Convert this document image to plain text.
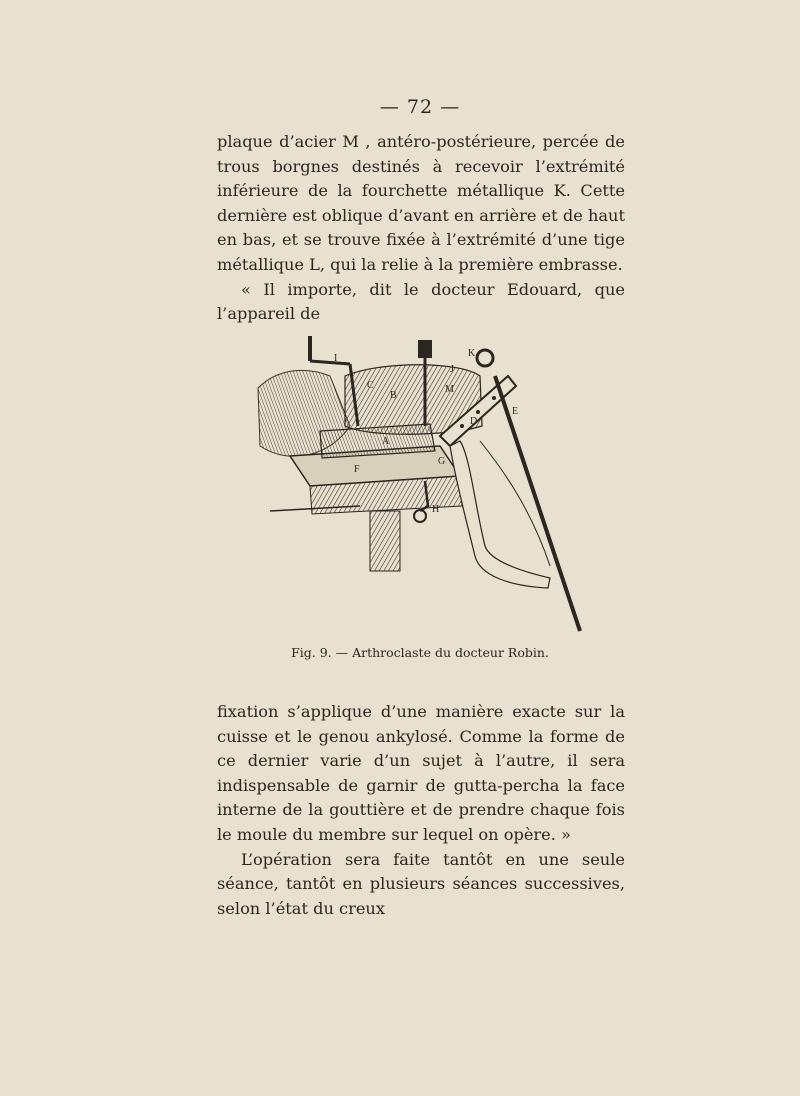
— 72 —

plaque d’acier M , antéro-postérieure, percée de trous borgnes destinés à recevoir l’extrémité inférieure de la fourchette métallique K. Cette dernière est oblique d’avant en arrière et de haut en bas, et se trouve fixée à l’extrémité d’une tige métallique L, qui la relie à la première embrasse.

« Il importe, dit le docteur Edouard, que l’appareil de

I
J
K
C
B
M
D
E
A
F
G
H
Fig. 9. — Arthroclaste du docteur Robin.

fixation s’applique d’une manière exacte sur la cuisse et le genou ankylosé. Comme la forme de ce dernier varie d’un sujet à l’autre, il sera indispensable de garnir de gutta-percha la face interne de la gouttière et de prendre chaque fois le moule du membre sur lequel on opère. »

L’opération sera faite tantôt en une seule séance, tantôt en plusieurs séances successives, selon l’état du creux
